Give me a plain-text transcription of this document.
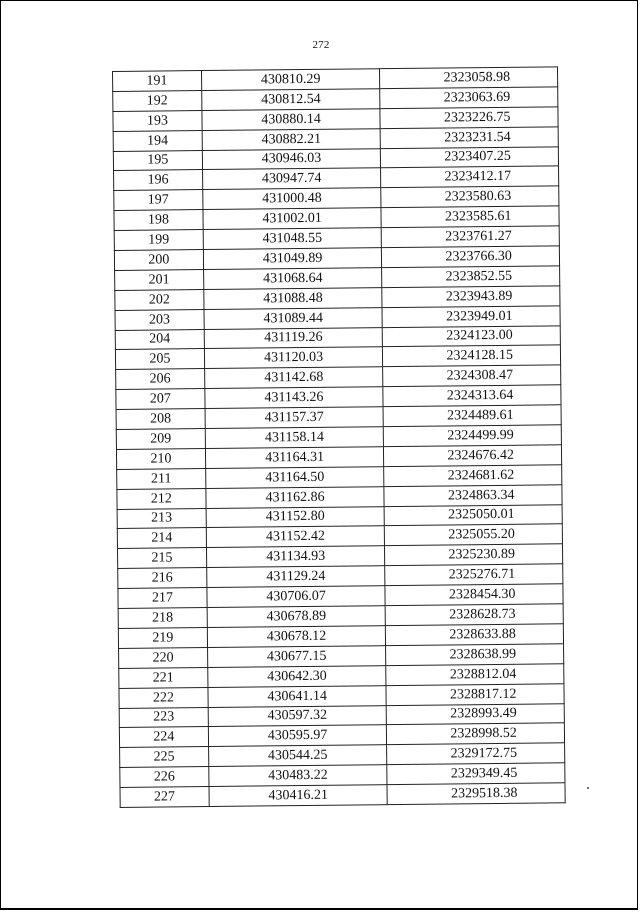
272
191	430810.29	2323058.98
192	430812.54	2323063.69
193	430880.14	2323226.75
194	430882.21	2323231.54
195	430946.03	2323407.25
196	430947.74	2323412.17
197	431000.48	2323580.63
198	431002.01	2323585.61
199	431048.55	2323761.27
200	431049.89	2323766.30
201	431068.64	2323852.55
202	431088.48	2323943.89
203	431089.44	2323949.01
204	431119.26	2324123.00
205	431120.03	2324128.15
206	431142.68	2324308.47
207	431143.26	2324313.64
208	431157.37	2324489.61
209	431158.14	2324499.99
210	431164.31	2324676.42
211	431164.50	2324681.62
212	431162.86	2324863.34
213	431152.80	2325050.01
214	431152.42	2325055.20
215	431134.93	2325230.89
216	431129.24	2325276.71
217	430706.07	2328454.30
218	430678.89	2328628.73
219	430678.12	2328633.88
220	430677.15	2328638.99
221	430642.30	2328812.04
222	430641.14	2328817.12
223	430597.32	2328993.49
224	430595.97	2328998.52
225	430544.25	2329172.75
226	430483.22	2329349.45
227	430416.21	2329518.38
